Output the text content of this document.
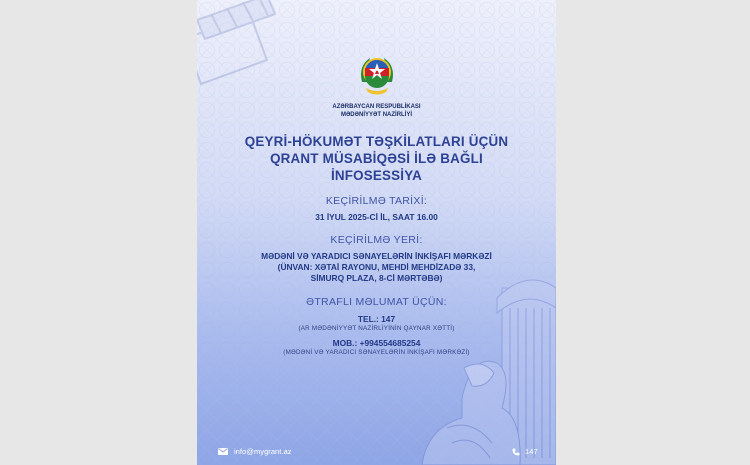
AZƏRBAYCAN RESPUBLİKASI
MƏDƏNİYYƏT NAZİRLİYİ
QEYRİ-HÖKUMƏT TƏŞKİLATLARI ÜÇÜN
QRANT MÜSABİQƏSİ İLƏ BAĞLI
İNFOSESSİYA
KEÇİRİLMƏ TARİXİ:
31 İYUL 2025-Cİ İL, SAAT 16.00
KEÇİRİLMƏ YERİ:
MƏDƏNİ VƏ YARADICI SƏNAYELƏRİN İNKİŞAFI MƏRKƏZİ
(ÜNVAN: XƏTAİ RAYONU, MEHDİ MEHDİZADƏ 33,
SİMURQ PLAZA, 8-Cİ MƏRTƏBƏ)
ƏTRAFLI MƏLUMAT ÜÇÜN:
TEL.: 147
(AR MƏDƏNİYYƏT NAZİRLİYİNİN QAYNAR XƏTTİ)
MOB.: +994554685254
(MƏDƏNİ VƏ YARADICI SƏNAYELƏRİN İNKİŞAFI MƏRKƏZİ)
info@mygrant.az	147
